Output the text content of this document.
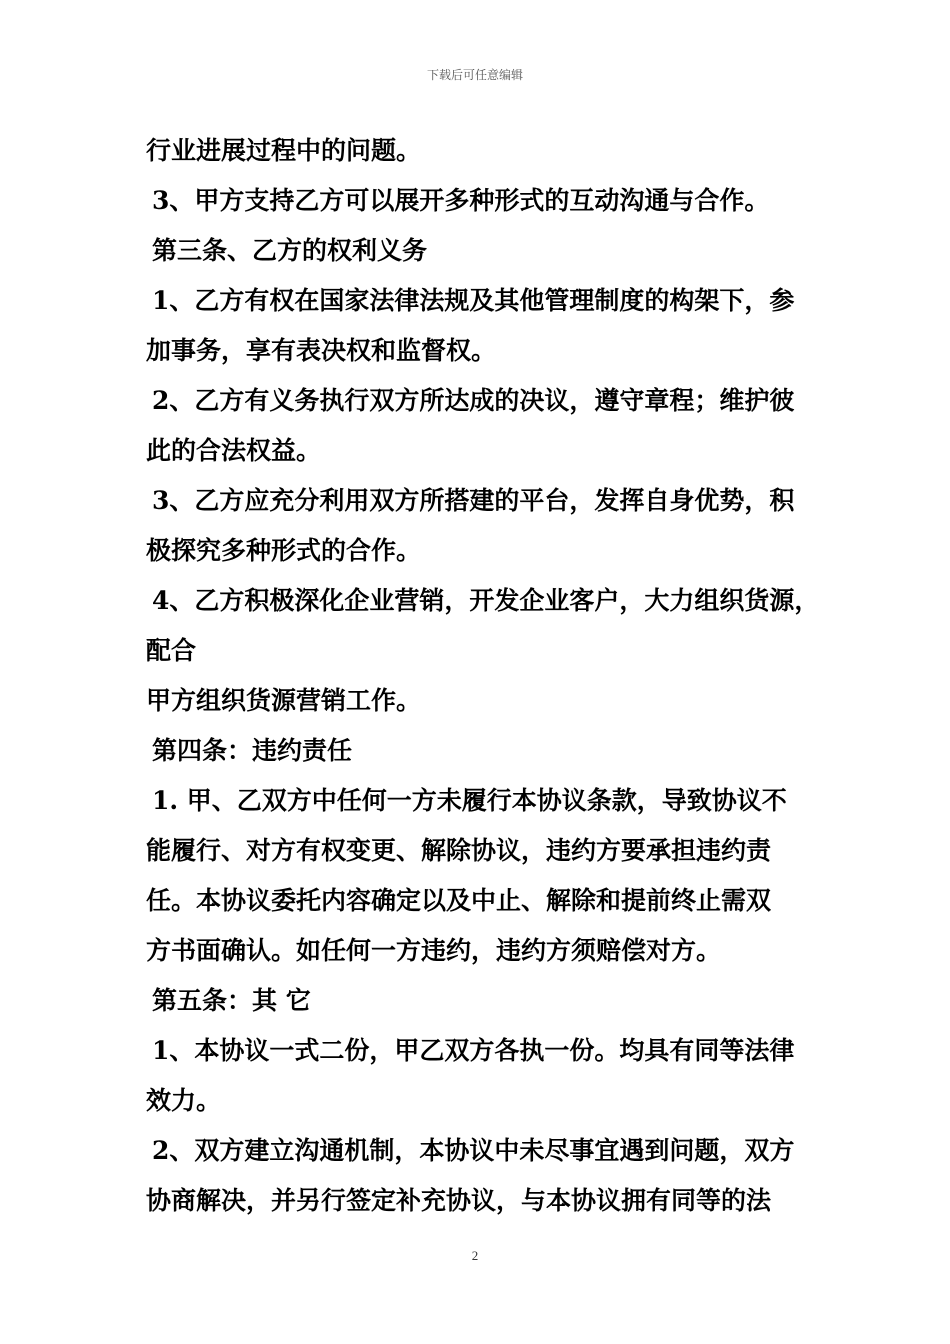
下载后可任意编辑
行业进展过程中的问题。
3、甲方支持乙方可以展开多种形式的互动沟通与合作。
第三条、乙方的权利义务
1、乙方有权在国家法律法规及其他管理制度的构架下，参
加事务，享有表决权和监督权。
2、乙方有义务执行双方所达成的决议，遵守章程；维护彼
此的合法权益。
3、乙方应充分利用双方所搭建的平台，发挥自身优势，积
极探究多种形式的合作。
4、乙方积极深化企业营销，开发企业客户，大力组织货源，
配合
甲方组织货源营销工作。
第四条：违约责任
1. 甲、乙双方中任何一方未履行本协议条款，导致协议不
能履行、对方有权变更、解除协议，违约方要承担违约责
任。本协议委托内容确定以及中止、解除和提前终止需双
方书面确认。如任何一方违约，违约方须赔偿对方。
第五条：其 它
1、本协议一式二份，甲乙双方各执一份。均具有同等法律
效力。
2、双方建立沟通机制，本协议中未尽事宜遇到问题，双方
协商解决，并另行签定补充协议，与本协议拥有同等的法
2
